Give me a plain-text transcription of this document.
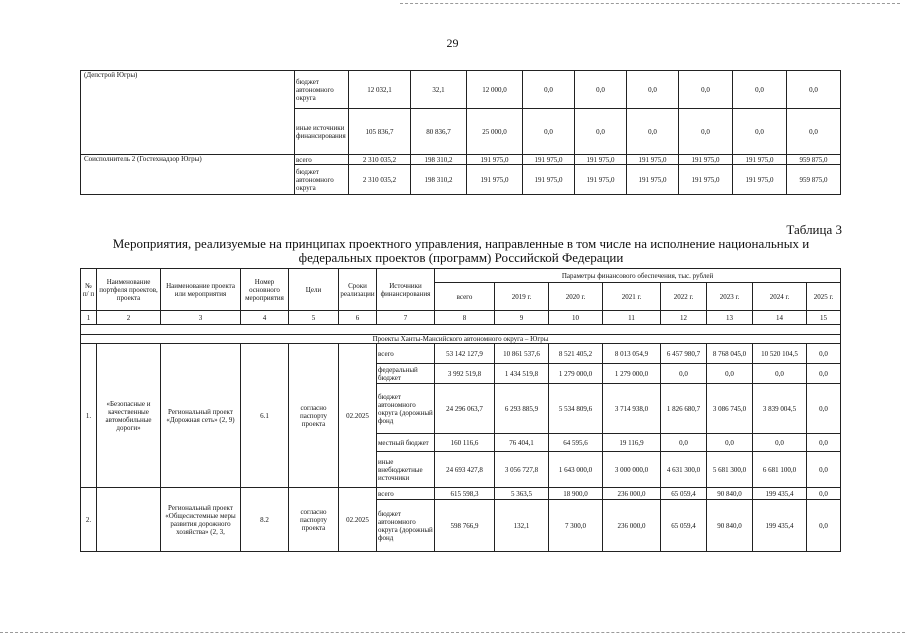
29
(Депстрой Югры)	бюджет автономного округа	12 032,1	32,1	12 000,0	0,0	0,0	0,0	0,0	0,0	0,0
	иные источники финансирования	105 836,7	80 836,7	25 000,0	0,0	0,0	0,0	0,0	0,0	0,0
Соисполнитель 2 (Гостехнадзор Югры)	всего	2 310 035,2	198 310,2	191 975,0	191 975,0	191 975,0	191 975,0	191 975,0	191 975,0	959 875,0
	бюджет автономного округа	2 310 035,2	198 310,2	191 975,0	191 975,0	191 975,0	191 975,0	191 975,0	191 975,0	959 875,0
Таблица 3
Мероприятия, реализуемые на принципах проектного управления, направленные в том числе на исполнение национальных и федеральных проектов (программ) Российской Федерации
№ п/ п	Наименование портфеля проектов, проекта	Наименование проекта или мероприятия	Номер основного мероприятия	Цели	Сроки реализации	Источники финансирования	Параметры финансового обеспечения, тыс. рублей							
							всего	2019 г.	2020 г.	2021 г.	2022 г.	2023 г.	2024 г.	2025 г.
1	2	3	4	5	6	7	8	9	10	11	12	13	14	15

Проекты Ханты-Мансийского автономного округа – Югры														
1.	«Безопасные и качественные автомобильные дороги»	Региональный проект «Дорожная сеть» (2, 9)	6.1	согласно паспорту проекта	02.2025	всего	53 142 127,9	10 861 537,6	8 521 405,2	8 013 054,9	6 457 980,7	8 768 045,0	10 520 104,5	0,0
						федеральный бюджет	3 992 519,8	1 434 519,8	1 279 000,0	1 279 000,0	0,0	0,0	0,0	0,0
						бюджет автономного округа (дорожный фонд	24 296 063,7	6 293 885,9	5 534 809,6	3 714 938,0	1 826 680,7	3 086 745,0	3 839 004,5	0,0
						местный бюджет	160 116,6	76 404,1	64 595,6	19 116,9	0,0	0,0	0,0	0,0
						иные внебюджетные источники	24 693 427,8	3 056 727,8	1 643 000,0	3 000 000,0	4 631 300,0	5 681 300,0	6 681 100,0	0,0
2.		Региональный проект «Общесистемные меры развития дорожного хозяйства» (2, 3,	8.2	согласно паспорту проекта	02.2025	всего	615 598,3	5 363,5	18 900,0	236 000,0	65 059,4	90 840,0	199 435,4	0,0
						бюджет автономного округа (дорожный фонд	598 766,9	132,1	7 300,0	236 000,0	65 059,4	90 840,0	199 435,4	0,0
